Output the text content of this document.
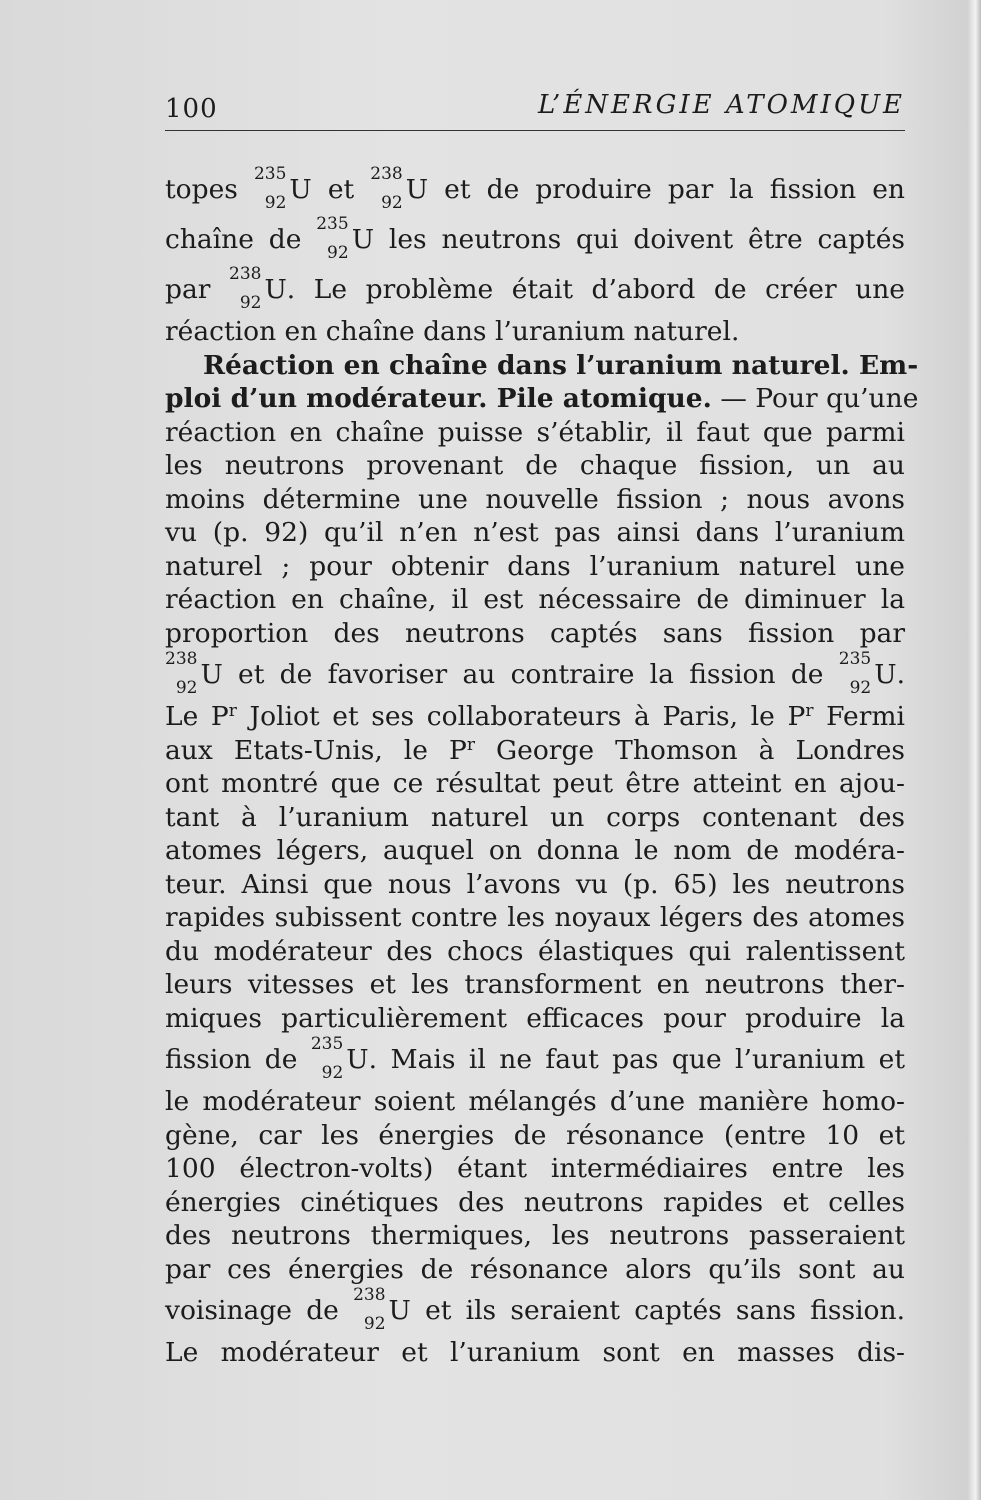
100	L’ÉNERGIE ATOMIQUE
topes 235
92 U et 238
92 U et de produire par la fission en
chaîne de 235
92 U les neutrons qui doivent être captés
par 238
92 U. Le problème était d’abord de créer une
réaction en chaîne dans l’uranium naturel.
Réaction en chaîne dans l’uranium naturel. Em-
ploi d’un modérateur. Pile atomique. — Pour qu’une
réaction en chaîne puisse s’établir, il faut que parmi
les neutrons provenant de chaque fission, un au
moins détermine une nouvelle fission ; nous avons
vu (p. 92) qu’il n’en n’est pas ainsi dans l’uranium
naturel ; pour obtenir dans l’uranium naturel une
réaction en chaîne, il est nécessaire de diminuer la
proportion des neutrons captés sans fission par
238
92 U et de favoriser au contraire la fission de 235
92 U.
Le $P^r$ Joliot et ses collaborateurs à Paris, le $P^r$ Fermi
aux Etats-Unis, le $P^r$ George Thomson à Londres
ont montré que ce résultat peut être atteint en ajou-
tant à l’uranium naturel un corps contenant des
atomes légers, auquel on donna le nom de modéra-
teur. Ainsi que nous l’avons vu (p. 65) les neutrons
rapides subissent contre les noyaux légers des atomes
du modérateur des chocs élastiques qui ralentissent
leurs vitesses et les transforment en neutrons ther-
miques particulièrement efficaces pour produire la
fission de 235
92 U. Mais il ne faut pas que l’uranium et
le modérateur soient mélangés d’une manière homo-
gène, car les énergies de résonance (entre 10 et
100 électron-volts) étant intermédiaires entre les
énergies cinétiques des neutrons rapides et celles
des neutrons thermiques, les neutrons passeraient
par ces énergies de résonance alors qu’ils sont au
voisinage de 238
92 U et ils seraient captés sans fission.
Le modérateur et l’uranium sont en masses dis-
